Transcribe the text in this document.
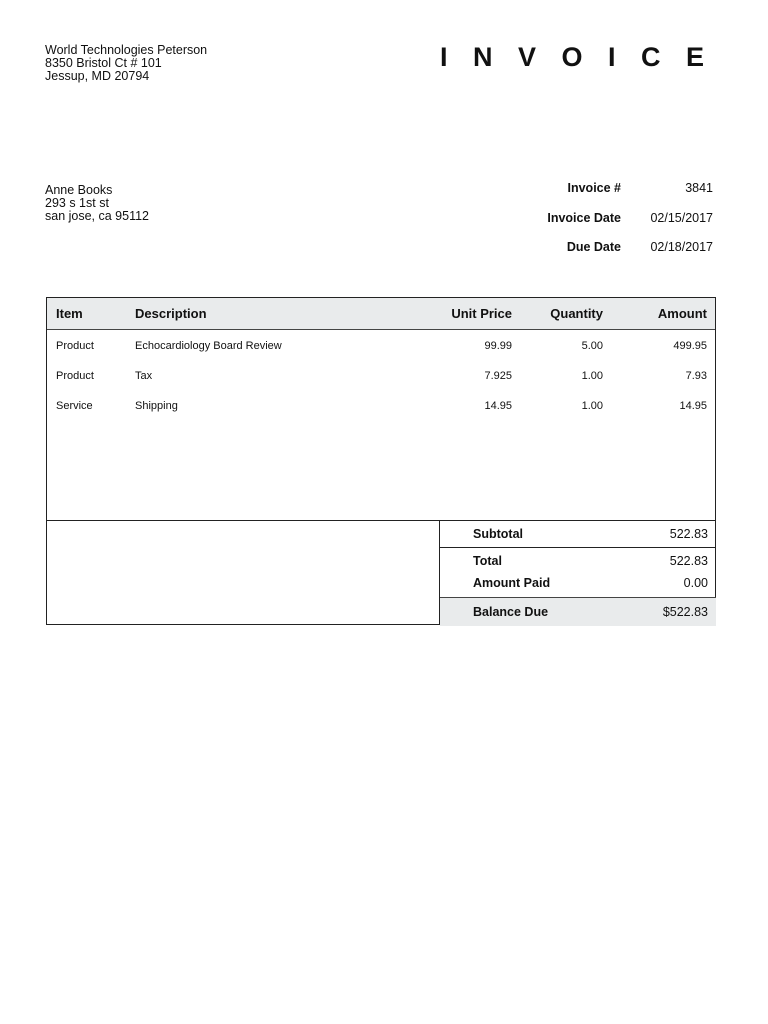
World Technologies Peterson
8350 Bristol Ct # 101
Jessup, MD 20794
I N V O I C E
Anne Books
293 s 1st st
san jose, ca 95112
Invoice #	3841
Invoice Date	02/15/2017
Due Date	02/18/2017
Item	Description	Unit Price	Quantity	Amount
Product	Echocardiology Board Review	99.99	5.00	499.95
Product	Tax	7.925	1.00	7.93
Service	Shipping	14.95	1.00	14.95
Subtotal	522.83
Total	522.83
Amount Paid	0.00
Balance Due	$522.83
